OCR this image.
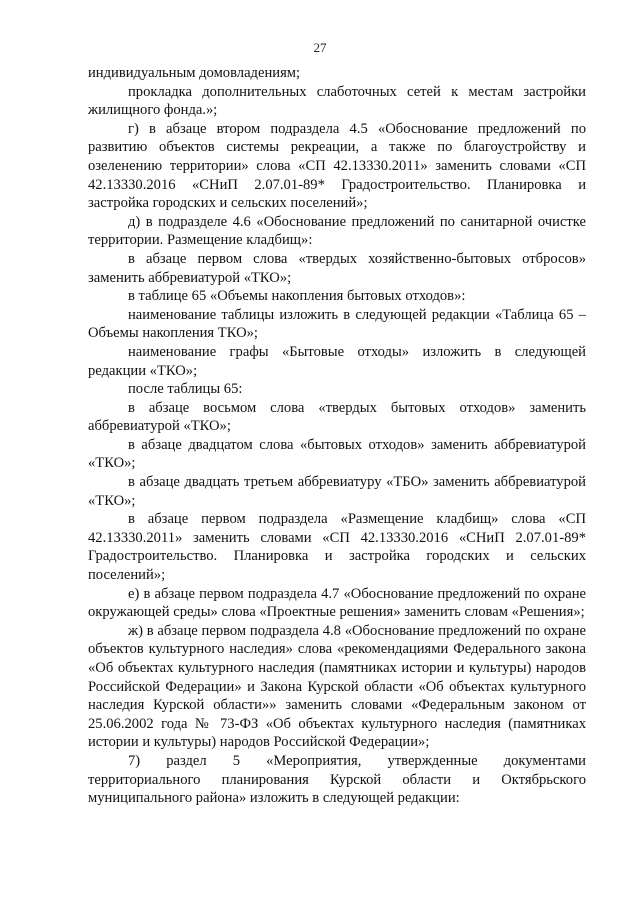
27

индивидуальным домовладениям;

прокладка дополнительных слаботочных сетей к местам застройки жилищного фонда.»;

г) в абзаце втором подраздела 4.5 «Обоснование предложений по развитию объектов системы рекреации, а также по благоустройству и озеленению территории» слова «СП 42.13330.2011» заменить словами «СП 42.13330.2016 «СНиП 2.07.01-89* Градостроительство. Планировка и застройка городских и сельских поселений»;

д) в подразделе 4.6 «Обоснование предложений по санитарной очистке территории. Размещение кладбищ»:

в абзаце первом слова «твердых хозяйственно-бытовых отбросов» заменить аббревиатурой «ТКО»;

в таблице 65 «Объемы накопления бытовых отходов»:

наименование таблицы изложить в следующей редакции «Таблица 65 – Объемы накопления ТКО»;

наименование графы «Бытовые отходы» изложить в следующей редакции «ТКО»;

после таблицы 65:

в абзаце восьмом слова «твердых бытовых отходов» заменить аббревиатурой «ТКО»;

в абзаце двадцатом слова «бытовых отходов» заменить аббревиатурой «ТКО»;

в абзаце двадцать третьем аббревиатуру «ТБО» заменить аббревиатурой «ТКО»;

в абзаце первом подраздела «Размещение кладбищ» слова «СП 42.13330.2011» заменить словами «СП 42.13330.2016 «СНиП 2.07.01-89* Градостроительство. Планировка и застройка городских и сельских поселений»;

е) в абзаце первом подраздела 4.7 «Обоснование предложений по охране окружающей среды» слова «Проектные решения» заменить словам «Решения»;

ж) в абзаце первом подраздела 4.8 «Обоснование предложений по охране объектов культурного наследия» слова «рекомендациями Федерального закона «Об объектах культурного наследия (памятниках истории и культуры) народов Российской Федерации» и Закона Курской области «Об объектах культурного наследия Курской области»» заменить словами «Федеральным законом от 25.06.2002 года № 73-ФЗ «Об объектах культурного наследия (памятниках истории и культуры) народов Российской Федерации»;

7) раздел 5 «Мероприятия, утвержденные документами территориального планирования Курской области и Октябрьского муниципального района» изложить в следующей редакции:
